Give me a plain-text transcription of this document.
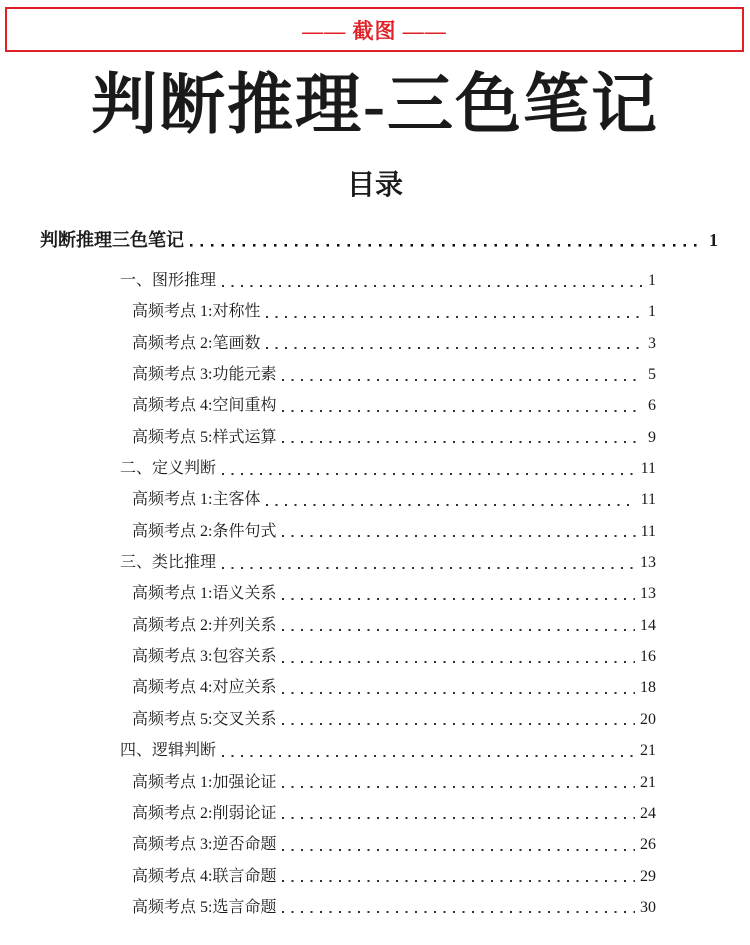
—— 截图 ——
判断推理-三色笔记
目录
判断推理三色笔记	1
一、图形推理	1
高频考点 1:对称性	1
高频考点 2:笔画数	3
高频考点 3:功能元素	5
高频考点 4:空间重构	6
高频考点 5:样式运算	9
二、定义判断	11
高频考点 1:主客体	11
高频考点 2:条件句式	11
三、类比推理	13
高频考点 1:语义关系	13
高频考点 2:并列关系	14
高频考点 3:包容关系	16
高频考点 4:对应关系	18
高频考点 5:交叉关系	20
四、逻辑判断	21
高频考点 1:加强论证	21
高频考点 2:削弱论证	24
高频考点 3:逆否命题	26
高频考点 4:联言命题	29
高频考点 5:选言命题	30
